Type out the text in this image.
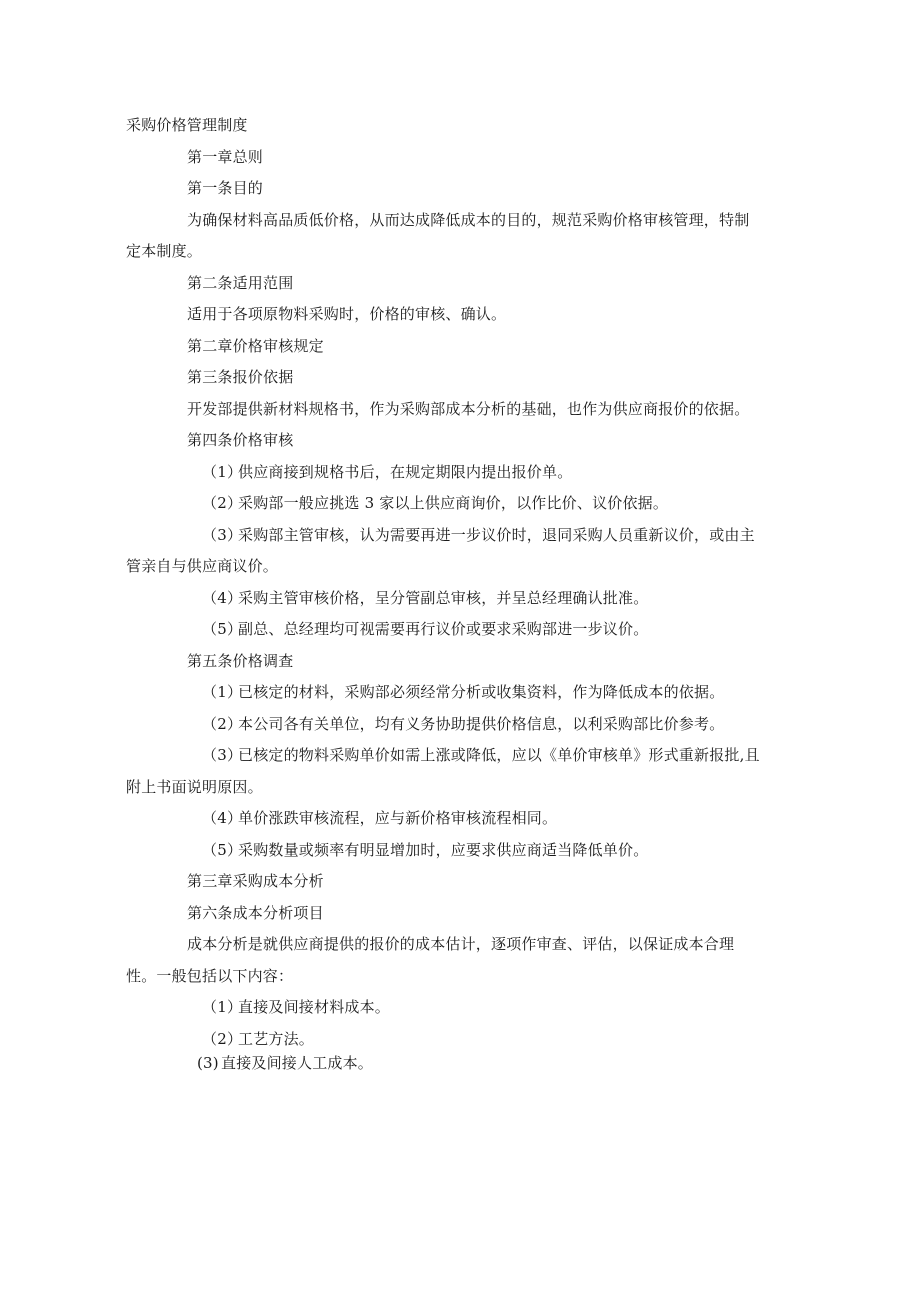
采购价格管理制度
第一章总则
第一条目的
为确保材料高品质低价格，从而达成降低成本的目的，规范采购价格审核管理，特制
定本制度。
第二条适用范围
适用于各项原物料采购时，价格的审核、确认。
第二章价格审核规定
第三条报价依据
开发部提供新材料规格书，作为采购部成本分析的基础，也作为供应商报价的依据。
第四条价格审核
（1）供应商接到规格书后，在规定期限内提出报价单。
（2）采购部一般应挑选 3 家以上供应商询价，以作比价、议价依据。
（3）采购部主管审核，认为需要再进一步议价时，退同采购人员重新议价，或由主
管亲自与供应商议价。
（4）采购主管审核价格，呈分管副总审核，并呈总经理确认批准。
（5）副总、总经理均可视需要再行议价或要求采购部进一步议价。
第五条价格调查
（1）已核定的材料，采购部必须经常分析或收集资料，作为降低成本的依据。
（2）本公司各有关单位，均有义务协助提供价格信息，以利采购部比价参考。
（3）已核定的物料采购单价如需上涨或降低，应以《单价审核单》形式重新报批,且
附上书面说明原因。
（4）单价涨跌审核流程，应与新价格审核流程相同。
（5）采购数量或频率有明显增加时，应要求供应商适当降低单价。
第三章采购成本分析
第六条成本分析项目
成本分析是就供应商提供的报价的成本估计，逐项作审查、评估，以保证成本合理
性。一般包括以下内容：
（1）直接及间接材料成本。
（2）工艺方法。
(3) 直接及间接人工成本。
